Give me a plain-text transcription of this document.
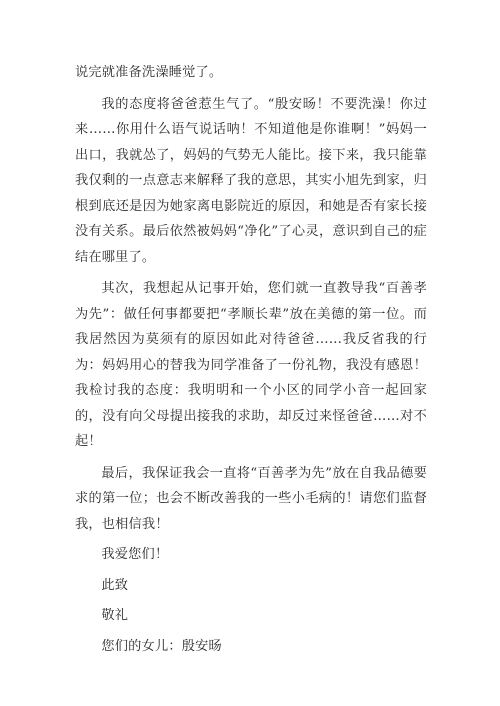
说完就准备洗澡睡觉了。

我的态度将爸爸惹生气了。“殷安旸！不要洗澡！你过来……你用什么语气说话呐！不知道他是你谁啊！”妈妈一出口，我就怂了，妈妈的气势无人能比。接下来，我只能靠我仅剩的一点意志来解释了我的意思，其实小旭先到家，归根到底还是因为她家离电影院近的原因，和她是否有家长接没有关系。最后依然被妈妈“净化”了心灵，意识到自己的症结在哪里了。

其次，我想起从记事开始，您们就一直教导我“百善孝为先”：做任何事都要把“孝顺长辈”放在美德的第一位。而我居然因为莫须有的原因如此对待爸爸……我反省我的行为：妈妈用心的替我为同学准备了一份礼物，我没有感恩！我检讨我的态度：我明明和一个小区的同学小音一起回家的，没有向父母提出接我的求助，却反过来怪爸爸……对不起！

最后，我保证我会一直将“百善孝为先”放在自我品德要求的第一位；也会不断改善我的一些小毛病的！请您们监督我，也相信我！

我爱您们！

此致

敬礼

您们的女儿：殷安旸
